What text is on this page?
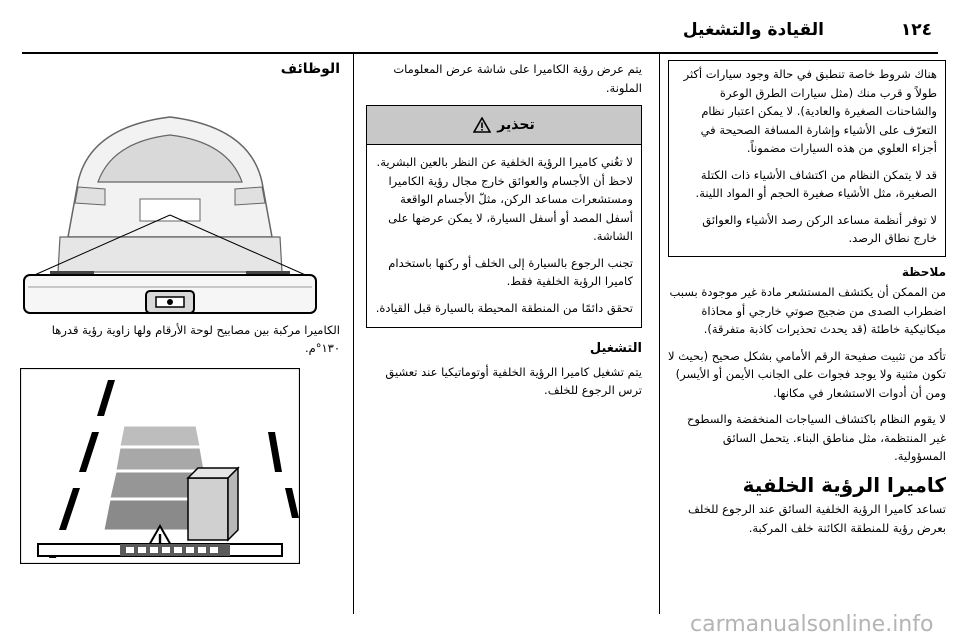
١٢٤
القيادة والتشغيل

هناك شروط خاصة تنطبق في حالة وجود سيارات أكثر طولاً و قرب منك (مثل سيارات الطرق الوعرة والشاحنات الصغيرة والعادية). لا يمكن اعتبار نظام التعرّف على الأشياء وإشارة المسافة الصحيحة في أجزاء العلوي من هذه السيارات مضموناً.

قد لا يتمكن النظام من اكتشاف الأشياء ذات الكتلة الصغيرة، مثل الأشياء صغيرة الحجم أو المواد اللينة.

لا توفر أنظمة مساعد الركن رصد الأشياء والعوائق خارج نطاق الرصد.

ملاحظة

من الممكن أن يكتشف المستشعر مادة غير موجودة بسبب اضطراب الصدى من ضجيج صوتي خارجي أو محاذاة ميكانيكية خاطئة (قد يحدث تحذيرات كاذبة متفرقة).

تأكد من تثبيت صفيحة الرقم الأمامي بشكل صحيح (بحيث لا تكون مثنية ولا يوجد فجوات على الجانب الأيمن أو الأيسر) ومن أن أدوات الاستشعار في مكانها.

لا يقوم النظام باكتشاف السياجات المنخفضة والسطوح غير المنتظمة، مثل مناطق البناء. يتحمل السائق المسؤولية.

كاميرا الرؤية الخلفية

تساعد كاميرا الرؤية الخلفية السائق عند الرجوع للخلف بعرض رؤية للمنطقة الكائنة خلف المركبة.

يتم عرض رؤية الكاميرا على شاشة عرض المعلومات الملونة.

تحذير

لا تغُني كاميرا الرؤية الخلفية عن النظر بالعين البشرية. لاحظ أن الأجسام والعوائق خارج مجال رؤية الكاميرا ومستشعرات مساعد الركن، مثلّ الأجسام الواقعة أسفل المصد أو أسفل السيارة، لا يمكن عرضها على الشاشة.

تجنب الرجوع بالسيارة إلى الخلف أو ركنها باستخدام كاميرا الرؤية الخلفية فقط.

تحقق دائمًا من المنطقة المحيطة بالسيارة قبل القيادة.

التشغيل

يتم تشغيل كاميرا الرؤية الخلفية أوتوماتيكيا عند تعشيق ترس الرجوع للخلف.

الوظائف

الكاميرا مركبة بين مصابيح لوحة الأرقام ولها زاوية رؤية قدرها ١٣٠°م.

carmanualsonline.info
